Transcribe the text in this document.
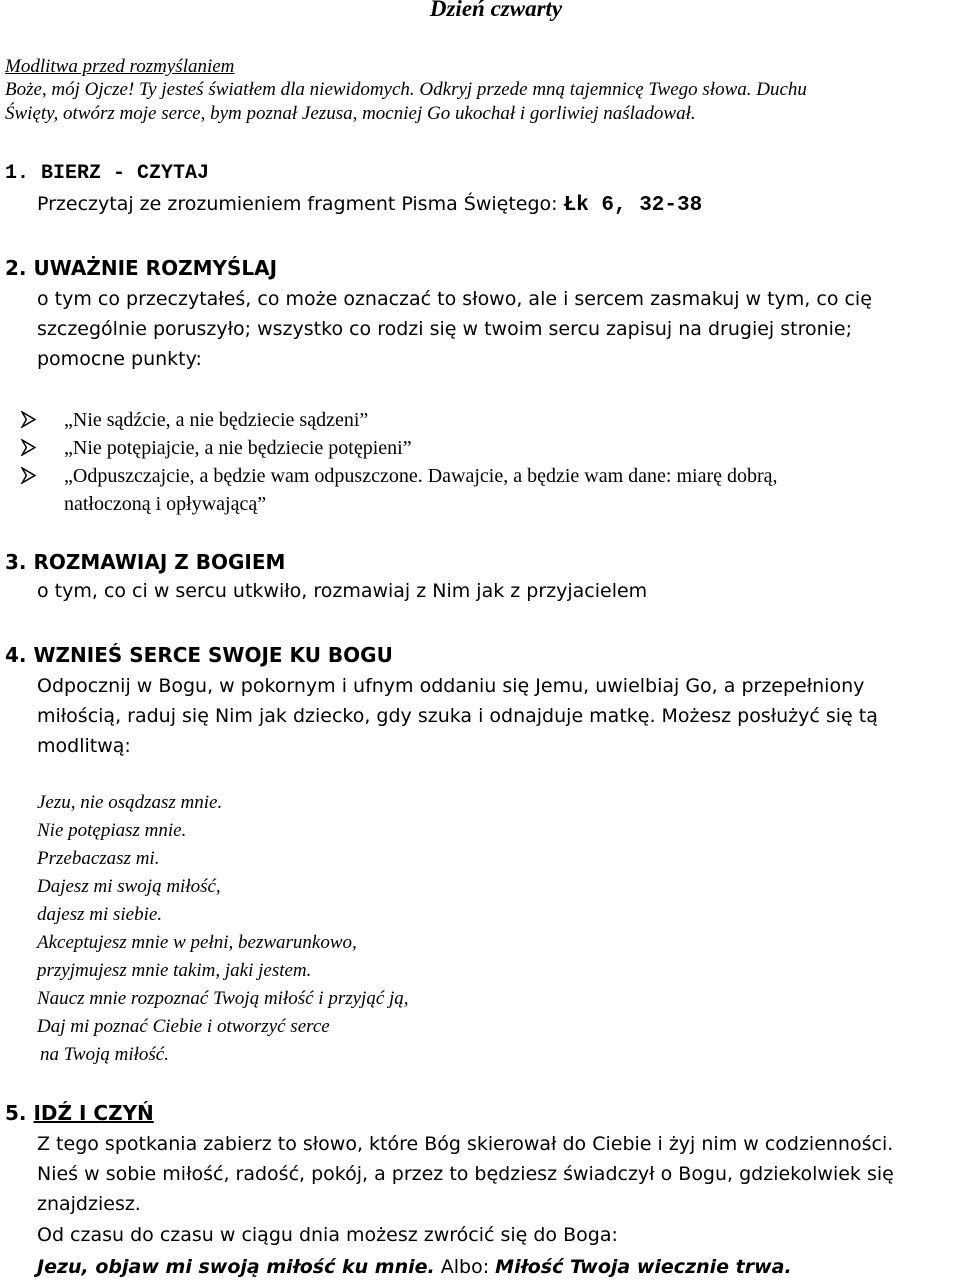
Dzień czwarty
Modlitwa przed rozmyślaniem
Boże, mój Ojcze! Ty jesteś światłem dla niewidomych. Odkryj przede mną tajemnicę Twego słowa. Duchu
Święty, otwórz moje serce, bym poznał Jezusa, mocniej Go ukochał i gorliwiej naśladował.
1. BIERZ - CZYTAJ
Przeczytaj ze zrozumieniem fragment Pisma Świętego: Łk 6, 32-38
2. UWAŻNIE ROZMYŚLAJ
o tym co przeczytałeś, co może oznaczać to słowo, ale i sercem zasmakuj w tym, co cię
szczególnie poruszyło; wszystko co rodzi się w twoim sercu zapisuj na drugiej stronie;
pomocne punkty:
„Nie sądźcie, a nie będziecie sądzeni”
„Nie potępiajcie, a nie będziecie potępieni”
„Odpuszczajcie, a będzie wam odpuszczone. Dawajcie, a będzie wam dane: miarę dobrą,
natłoczoną i opływającą”
3. ROZMAWIAJ Z BOGIEM
o tym, co ci w sercu utkwiło, rozmawiaj z Nim jak z przyjacielem
4. WZNIEŚ SERCE SWOJE KU BOGU
Odpocznij w Bogu, w pokornym i ufnym oddaniu się Jemu, uwielbiaj Go, a przepełniony
miłością, raduj się Nim jak dziecko, gdy szuka i odnajduje matkę. Możesz posłużyć się tą
modlitwą:
Jezu, nie osądzasz mnie.
Nie potępiasz mnie.
Przebaczasz mi.
Dajesz mi swoją miłość,
dajesz mi siebie.
Akceptujesz mnie w pełni, bezwarunkowo,
przyjmujesz mnie takim, jaki jestem.
Naucz mnie rozpoznać Twoją miłość i przyjąć ją,
Daj mi poznać Ciebie i otworzyć serce
na Twoją miłość.
5. IDŹ I CZYŃ
Z tego spotkania zabierz to słowo, które Bóg skierował do Ciebie i żyj nim w codzienności.
Nieś w sobie miłość, radość, pokój, a przez to będziesz świadczył o Bogu, gdziekolwiek się
znajdziesz.
Od czasu do czasu w ciągu dnia możesz zwrócić się do Boga:
Jezu, objaw mi swoją miłość ku mnie. Albo: Miłość Twoja wiecznie trwa.
